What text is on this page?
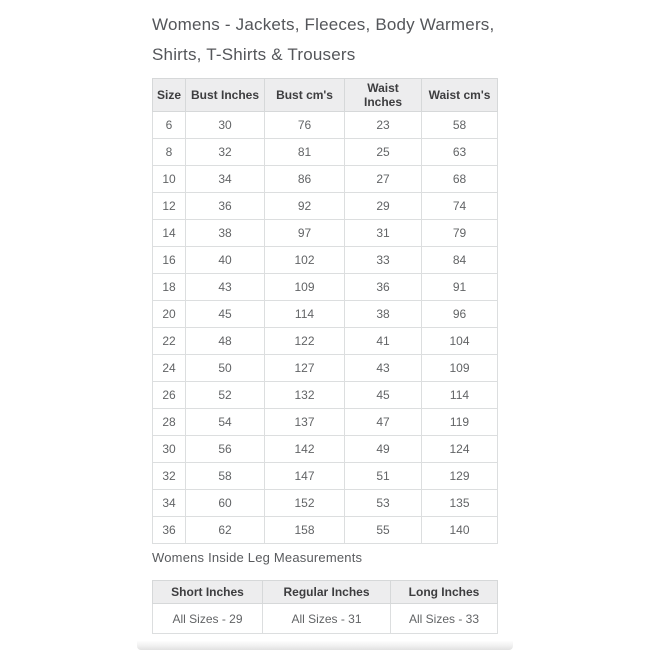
Womens - Jackets, Fleeces, Body Warmers,
Shirts, T-Shirts & Trousers
Size	Bust Inches	Bust cm's	Waist Inches	Waist cm's
6	30	76	23	58
8	32	81	25	63
10	34	86	27	68
12	36	92	29	74
14	38	97	31	79
16	40	102	33	84
18	43	109	36	91
20	45	114	38	96
22	48	122	41	104
24	50	127	43	109
26	52	132	45	114
28	54	137	47	119
30	56	142	49	124
32	58	147	51	129
34	60	152	53	135
36	62	158	55	140
Womens Inside Leg Measurements
Short Inches	Regular Inches	Long Inches
All Sizes - 29	All Sizes - 31	All Sizes - 33
